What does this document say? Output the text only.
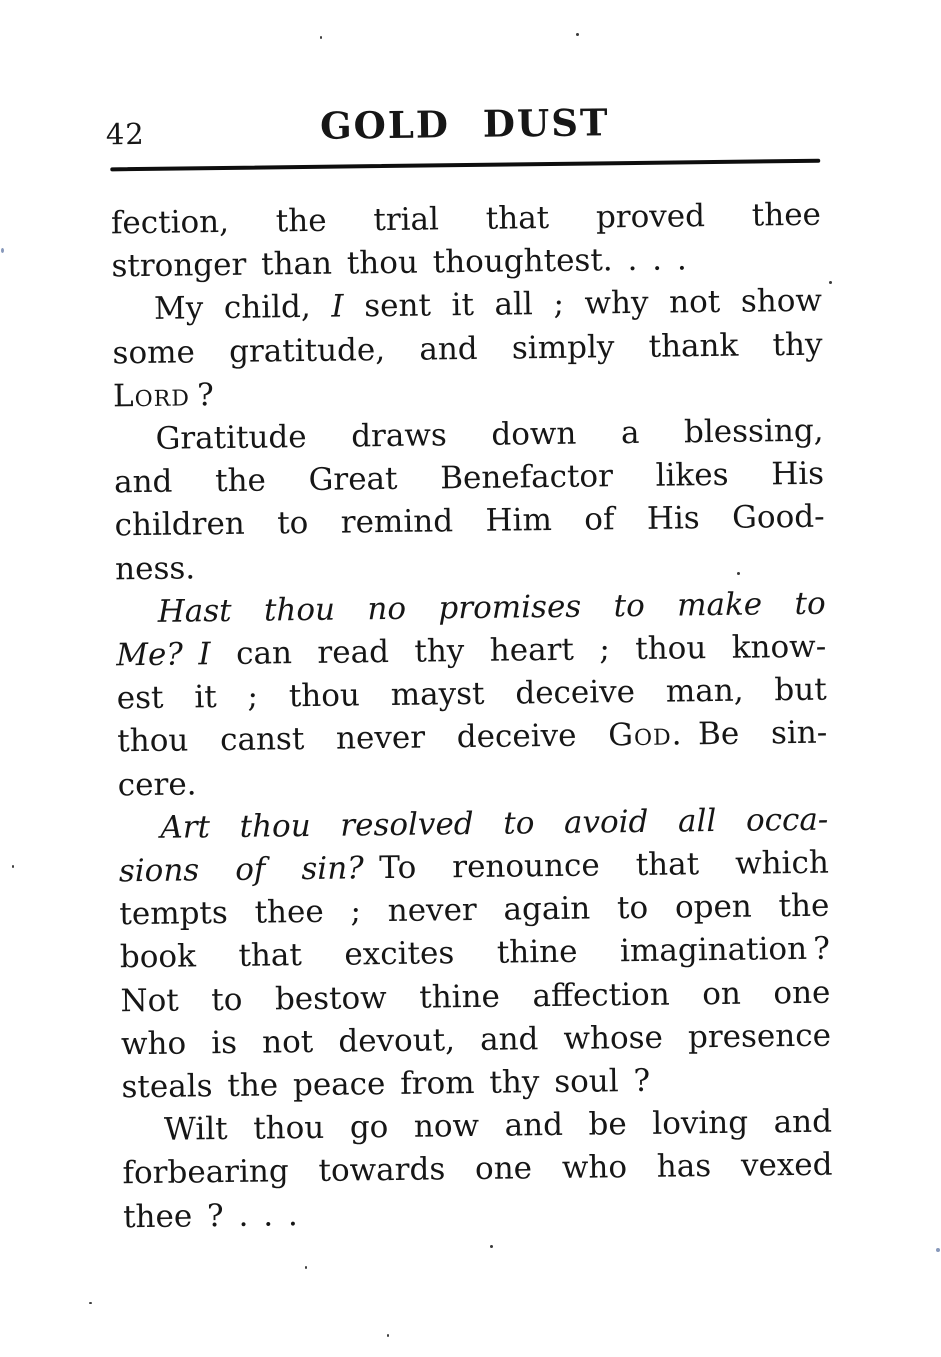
42	GOLD DUST

fection, the trial that proved thee

stronger than thou thoughtest. . . .

My child, I sent it all ; why not show

some gratitude, and simply thank thy

Lord ?

Gratitude draws down a blessing,

and the Great Benefactor likes His

children to remind Him of His Good-

ness.

Hast thou no promises to make to

Me? I can read thy heart ; thou know-

est it ; thou mayst deceive man, but

thou canst never deceive God. Be sin-

cere.

Art thou resolved to avoid all occa-

sions of sin? To renounce that which

tempts thee ; never again to open the

book that excites thine imagination ?

Not to bestow thine affection on one

who is not devout, and whose presence

steals the peace from thy soul ?

Wilt thou go now and be loving and

forbearing towards one who has vexed

thee ? . . .
